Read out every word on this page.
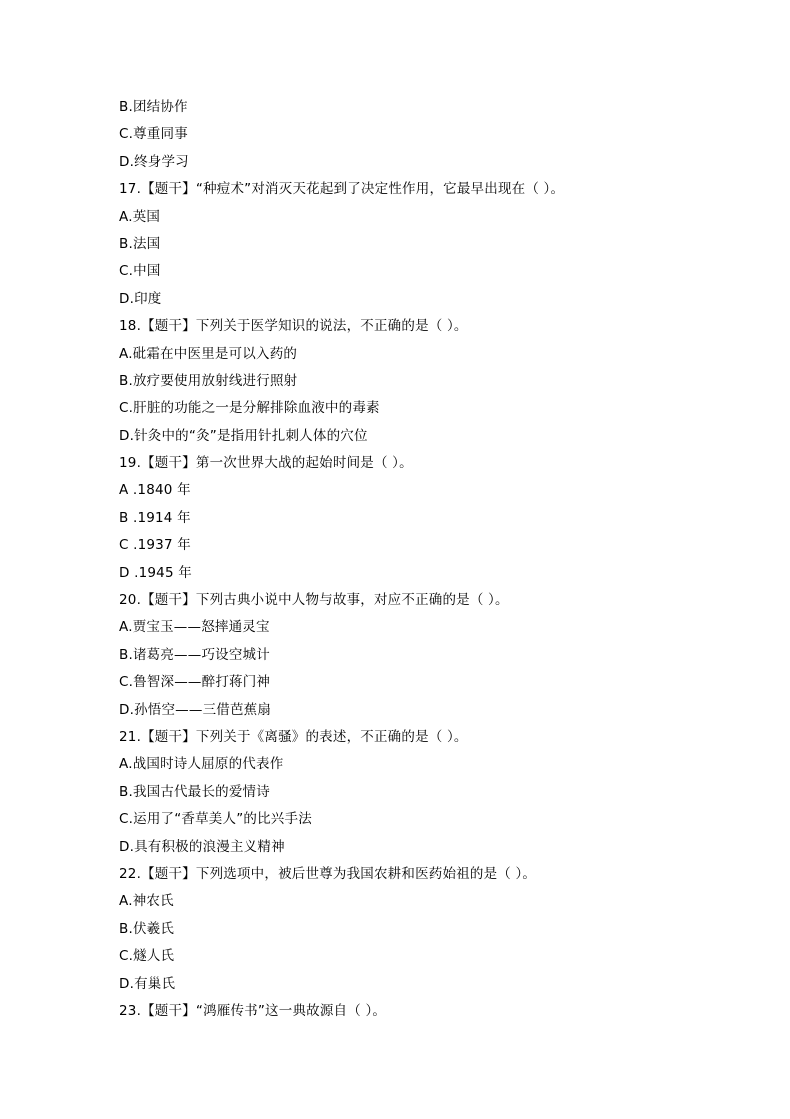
B.团结协作
C.尊重同事
D.终身学习
17.【题干】“种痘术”对消灭天花起到了决定性作用，它最早出现在（ ）。
A.英国
B.法国
C.中国
D.印度
18.【题干】下列关于医学知识的说法，不正确的是（ ）。
A.砒霜在中医里是可以入药的
B.放疗要使用放射线进行照射
C.肝脏的功能之一是分解排除血液中的毒素
D.针灸中的“灸”是指用针扎刺人体的穴位
19.【题干】第一次世界大战的起始时间是（ ）。
A .1840 年
B .1914 年
C .1937 年
D .1945 年
20.【题干】下列古典小说中人物与故事，对应不正确的是（ ）。
A.贾宝玉——怒摔通灵宝
B.诸葛亮——巧设空城计
C.鲁智深——醉打蒋门神
D.孙悟空——三借芭蕉扇
21.【题干】下列关于《离骚》的表述，不正确的是（ ）。
A.战国时诗人屈原的代表作
B.我国古代最长的爱情诗
C.运用了“香草美人”的比兴手法
D.具有积极的浪漫主义精神
22.【题干】下列选项中，被后世尊为我国农耕和医药始祖的是（ ）。
A.神农氏
B.伏羲氏
C.燧人氏
D.有巢氏
23.【题干】“鸿雁传书”这一典故源自（ ）。
